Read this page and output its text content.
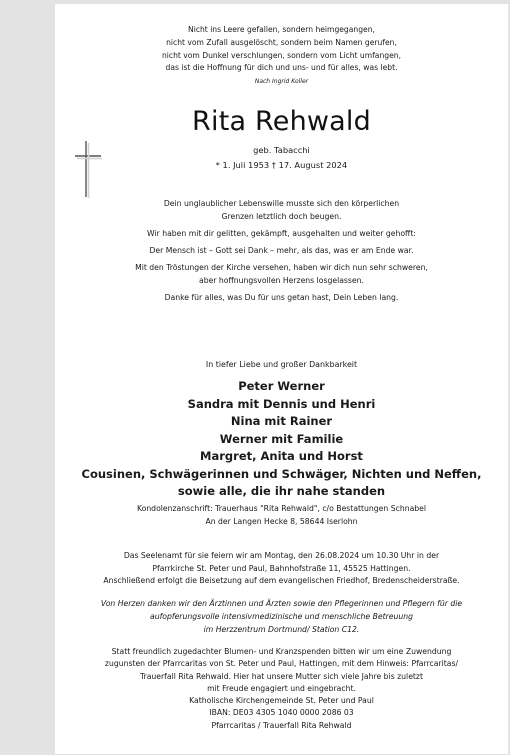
Nicht ins Leere gefallen, sondern heimgegangen,
nicht vom Zufall ausgelöscht, sondern beim Namen gerufen,
nicht vom Dunkel verschlungen, sondern vom Licht umfangen,
das ist die Hoffnung für dich und uns- und für alles, was lebt.
Nach Ingrid Koller
Rita Rehwald
geb. Tabacchi
* 1. Juli 1953 † 17. August 2024
Dein unglaublicher Lebenswille musste sich den körperlichen
Grenzen letztlich doch beugen.
Wir haben mit dir gelitten, gekämpft, ausgehalten und weiter gehofft:
Der Mensch ist – Gott sei Dank – mehr, als das, was er am Ende war.
Mit den Tröstungen der Kirche versehen, haben wir dich nun sehr schweren,
aber hoffnungsvollen Herzens losgelassen.
Danke für alles, was Du für uns getan hast, Dein Leben lang.
In tiefer Liebe und großer Dankbarkeit
Peter Werner
Sandra mit Dennis und Henri
Nina mit Rainer
Werner mit Familie
Margret, Anita und Horst
Cousinen, Schwägerinnen und Schwäger, Nichten und Neffen,
sowie alle, die ihr nahe standen
Kondolenzanschrift: Trauerhaus "Rita Rehwald", c/o Bestattungen Schnabel
An der Langen Hecke 8, 58644 Iserlohn
Das Seelenamt für sie feiern wir am Montag, den 26.08.2024 um 10.30 Uhr in der
Pfarrkirche St. Peter und Paul, Bahnhofstraße 11, 45525 Hattingen.
Anschließend erfolgt die Beisetzung auf dem evangelischen Friedhof, Bredenscheiderstraße.
Von Herzen danken wir den Ärztinnen und Ärzten sowie den Pflegerinnen und Pflegern für die
aufopferungsvolle intensivmedizinische und menschliche Betreuung
im Herzzentrum Dortmund/ Station C12.
Statt freundlich zugedachter Blumen- und Kranzspenden bitten wir um eine Zuwendung
zugunsten der Pfarrcaritas von St. Peter und Paul, Hattingen, mit dem Hinweis: Pfarrcaritas/
Trauerfall Rita Rehwald. Hier hat unsere Mutter sich viele Jahre bis zuletzt
mit Freude engagiert und eingebracht.
Katholische Kirchengemeinde St. Peter und Paul
IBAN: DE03 4305 1040 0000 2086 03
Pfarrcaritas / Trauerfall Rita Rehwald
